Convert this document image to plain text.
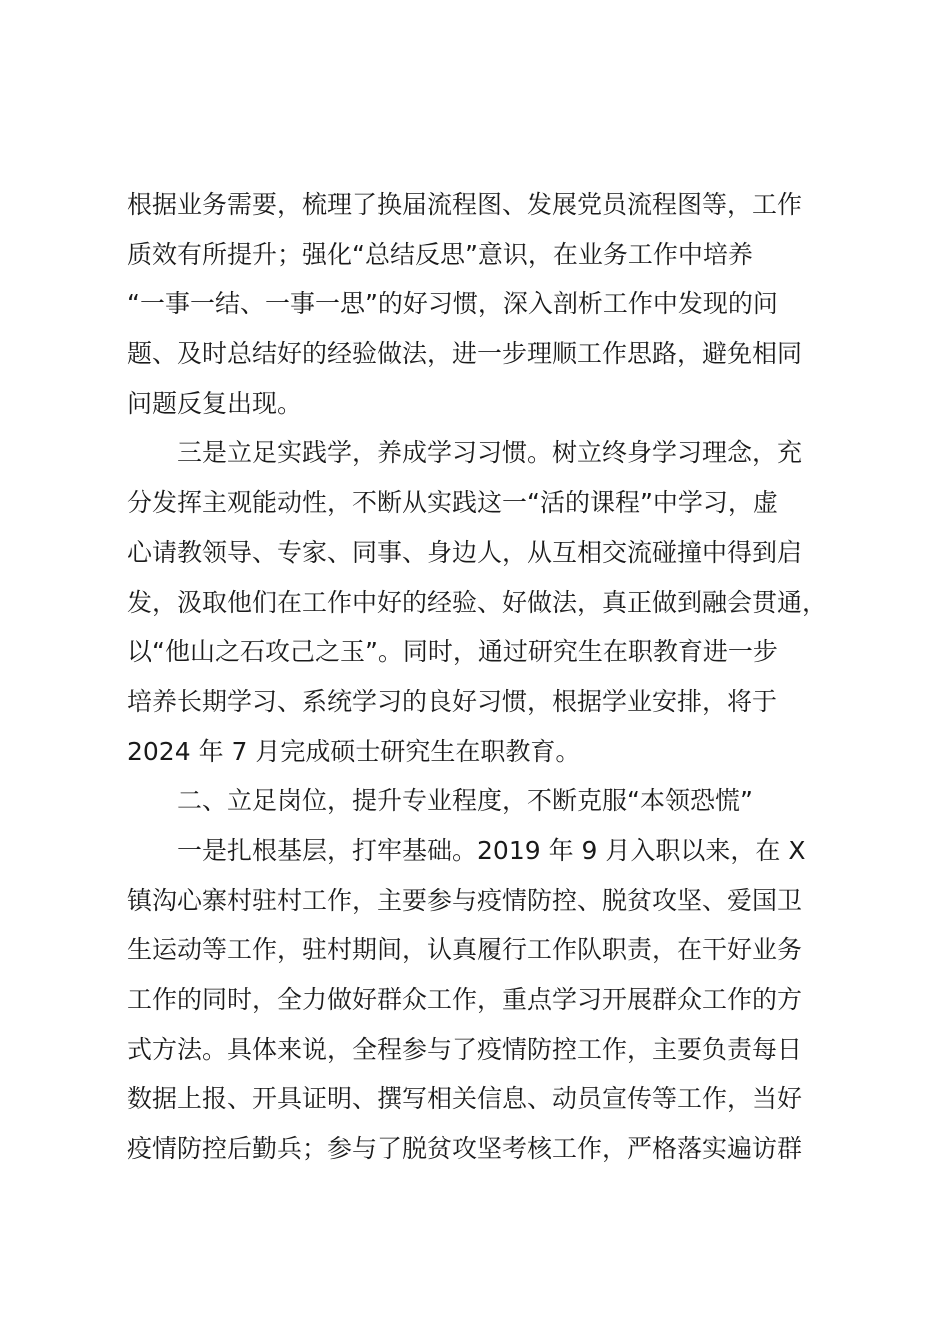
根据业务需要，梳理了换届流程图、发展党员流程图等，工作
质效有所提升；强化“总结反思”意识，在业务工作中培养
“一事一结、一事一思”的好习惯，深入剖析工作中发现的问
题、及时总结好的经验做法，进一步理顺工作思路，避免相同
问题反复出现。
三是立足实践学，养成学习习惯。树立终身学习理念，充
分发挥主观能动性，不断从实践这一“活的课程”中学习，虚
心请教领导、专家、同事、身边人，从互相交流碰撞中得到启
发，汲取他们在工作中好的经验、好做法，真正做到融会贯通，
以“他山之石攻己之玉”。同时，通过研究生在职教育进一步
培养长期学习、系统学习的良好习惯，根据学业安排，将于
2024 年 7 月完成硕士研究生在职教育。
二、立足岗位，提升专业程度，不断克服“本领恐慌”
一是扎根基层，打牢基础。2019 年 9 月入职以来，在 X
镇沟心寨村驻村工作，主要参与疫情防控、脱贫攻坚、爱国卫
生运动等工作，驻村期间，认真履行工作队职责，在干好业务
工作的同时，全力做好群众工作，重点学习开展群众工作的方
式方法。具体来说，全程参与了疫情防控工作，主要负责每日
数据上报、开具证明、撰写相关信息、动员宣传等工作，当好
疫情防控后勤兵；参与了脱贫攻坚考核工作，严格落实遍访群
